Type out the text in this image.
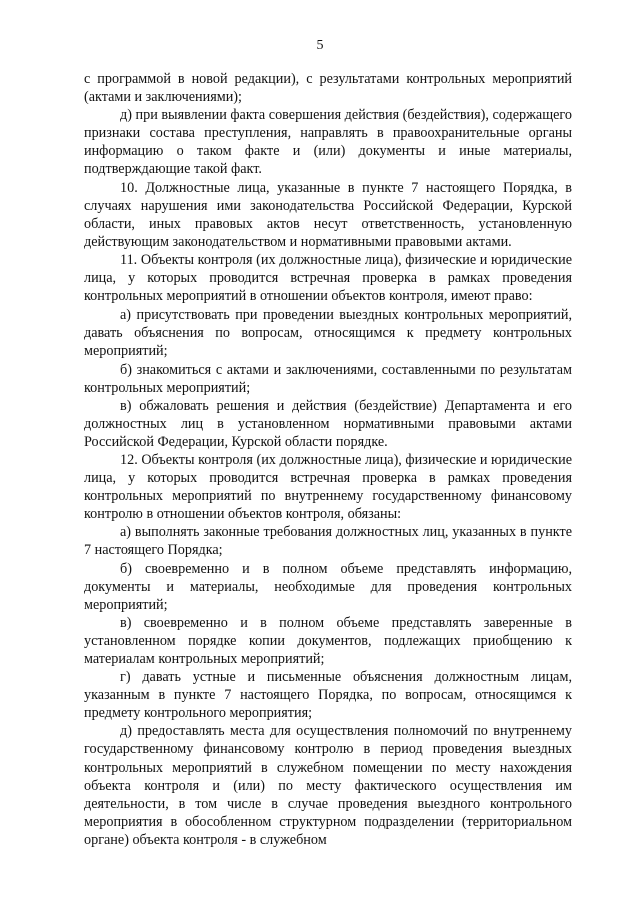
5

с программой в новой редакции), с результатами контрольных мероприятий (актами и заключениями);

д) при выявлении факта совершения действия (бездействия), содержащего признаки состава преступления, направлять в правоохранительные органы информацию о таком факте и (или) документы и иные материалы, подтверждающие такой факт.

10. Должностные лица, указанные в пункте 7 настоящего Порядка, в случаях нарушения ими законодательства Российской Федерации, Курской области, иных правовых актов несут ответственность, установленную действующим законодательством и нормативными правовыми актами.

11. Объекты контроля (их должностные лица), физические и юридические лица, у которых проводится встречная проверка в рамках проведения контрольных мероприятий в отношении объектов контроля, имеют право:

а) присутствовать при проведении выездных контрольных мероприятий, давать объяснения по вопросам, относящимся к предмету контрольных мероприятий;

б) знакомиться с актами и заключениями, составленными по результатам контрольных мероприятий;

в) обжаловать решения и действия (бездействие) Департамента и его должностных лиц в установленном нормативными правовыми актами Российской Федерации, Курской области порядке.

12. Объекты контроля (их должностные лица), физические и юридические лица, у которых проводится встречная проверка в рамках проведения контрольных мероприятий по внутреннему государственному финансовому контролю в отношении объектов контроля, обязаны:

а) выполнять законные требования должностных лиц, указанных в пункте 7 настоящего Порядка;

б) своевременно и в полном объеме представлять информацию, документы и материалы, необходимые для проведения контрольных мероприятий;

в) своевременно и в полном объеме представлять заверенные в установленном порядке копии документов, подлежащих приобщению к материалам контрольных мероприятий;

г) давать устные и письменные объяснения должностным лицам, указанным в пункте 7 настоящего Порядка, по вопросам, относящимся к предмету контрольного мероприятия;

д) предоставлять места для осуществления полномочий по внутреннему государственному финансовому контролю в период проведения выездных контрольных мероприятий в служебном помещении по месту нахождения объекта контроля и (или) по месту фактического осуществления им деятельности, в том числе в случае проведения выездного контрольного мероприятия в обособленном структурном подразделении (территориальном органе) объекта контроля - в служебном
